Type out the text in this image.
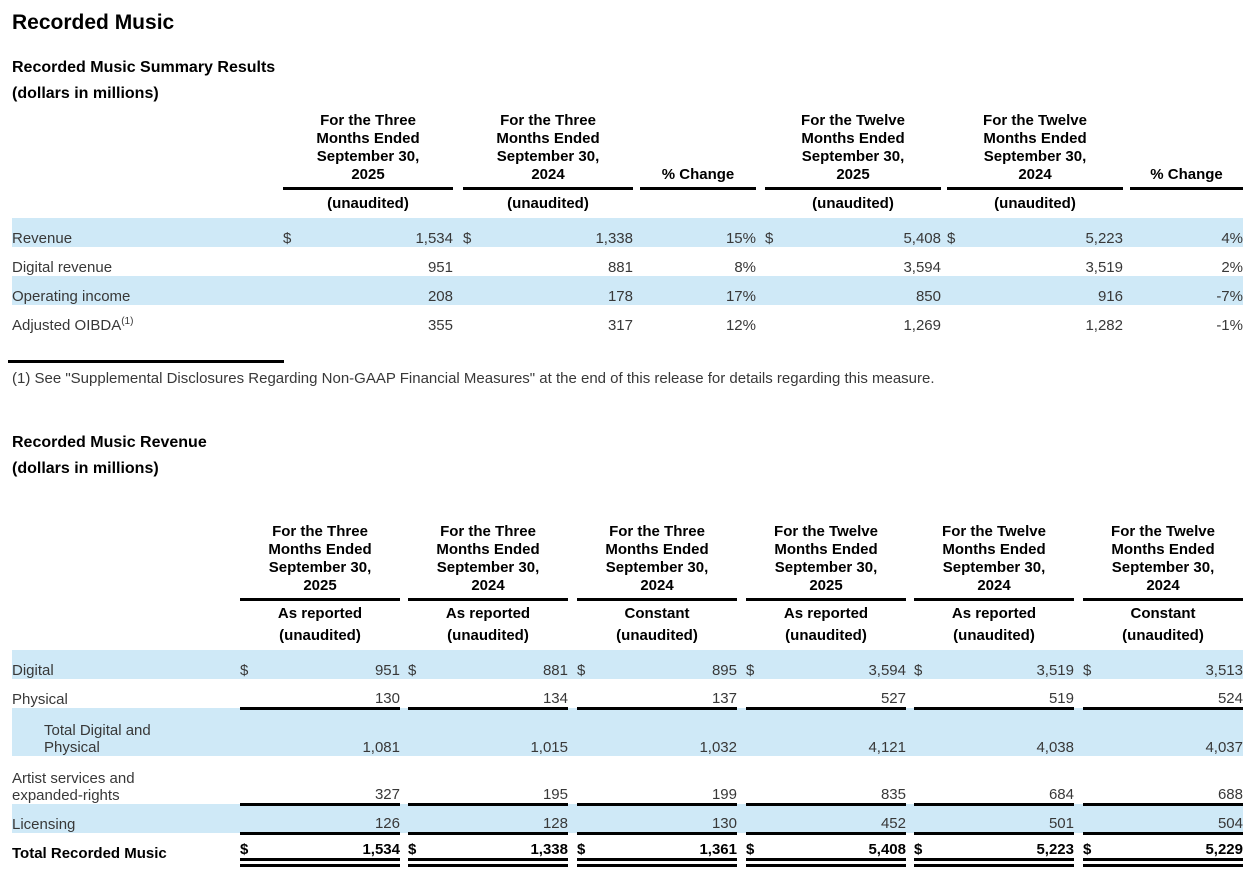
Recorded Music
Recorded Music Summary Results
(dollars in millions)

	For the Three Months Ended September 30, 2025			For the Three Months Ended September 30, 2024			% Change		For the Twelve Months Ended September 30, 2025			For the Twelve Months Ended September 30, 2024			% Change
	(unaudited)			(unaudited)					(unaudited)			(unaudited)			
Revenue	$	1,534		$	1,338		15%		$	5,408		$	5,223		4%
Digital revenue		951			881		8%			3,594			3,519		2%
Operating income		208			178		17%			850			916		-7%
Adjusted OIBDA$^{(1)}$		355			317		12%			1,269			1,282		-1%
(1) See "Supplemental Disclosures Regarding Non-GAAP Financial Measures" at the end of this release for details regarding this measure.
Recorded Music Revenue
(dollars in millions)

	For the Three Months Ended September 30, 2025			For the Three Months Ended September 30, 2024			For the Three Months Ended September 30, 2024			For the Twelve Months Ended September 30, 2025			For the Twelve Months Ended September 30, 2024			For the Twelve Months Ended September 30, 2024	

	As reported			As reported			Constant			As reported			As reported			Constant	
	(unaudited)			(unaudited)			(unaudited)			(unaudited)			(unaudited)			(unaudited)	
Digital	$	951		$	881		$	895		$	3,594		$	3,519		$	3,513
Physical		130			134			137			527			519			524

Total Digital and Physical		1,081			1,015			1,032			4,121			4,038			4,037

Artist services and expanded-rights		327			195			199			835			684			688
Licensing		126			128			130			452			501			504
Total Recorded Music	$	1,534		$	1,338		$	1,361		$	5,408		$	5,223		$	5,229
